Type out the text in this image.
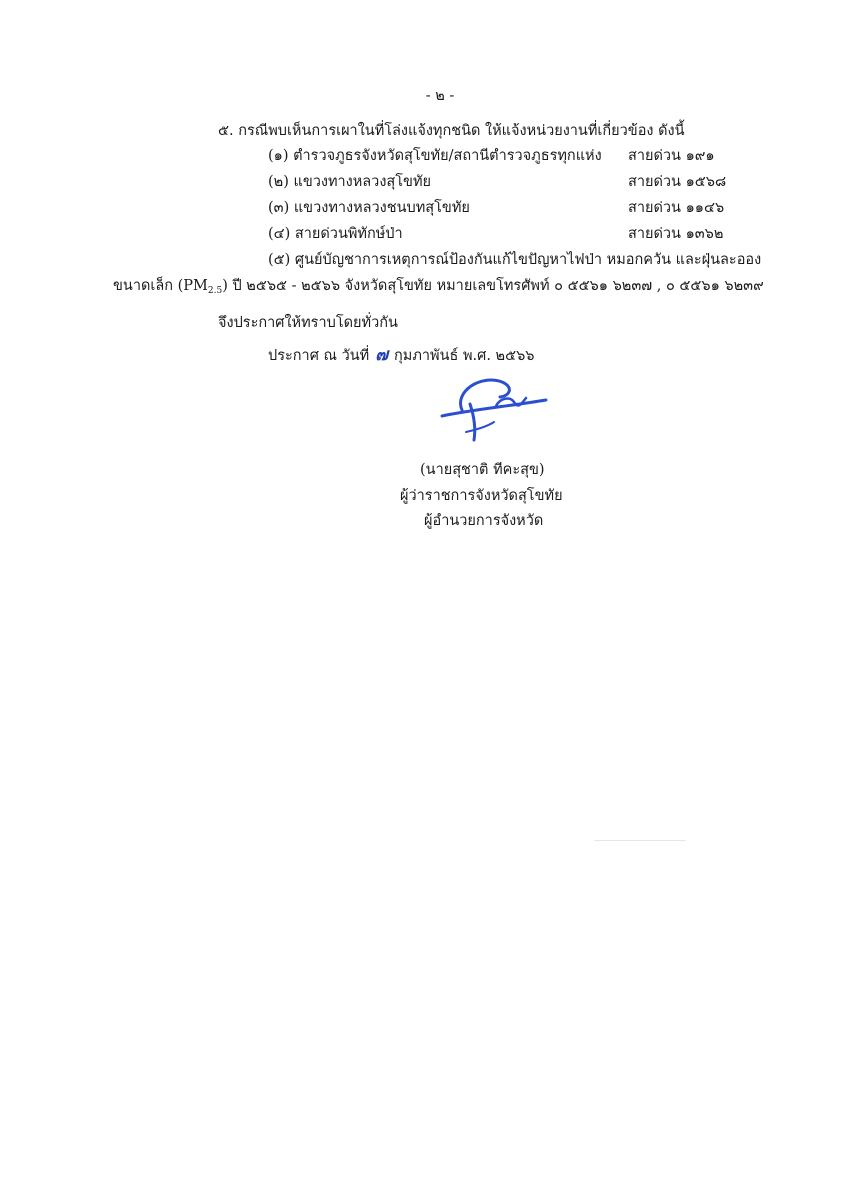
- ๒ -
๕. กรณีพบเห็นการเผาในที่โล่งแจ้งทุกชนิด ให้แจ้งหน่วยงานที่เกี่ยวข้อง ดังนี้
(๑) ตำรวจภูธรจังหวัดสุโขทัย/สถานีตำรวจภูธรทุกแห่ง สายด่วน ๑๙๑
(๒) แขวงทางหลวงสุโขทัย	สายด่วน ๑๕๖๘
(๓) แขวงทางหลวงชนบทสุโขทัย	สายด่วน ๑๑๔๖
(๔) สายด่วนพิทักษ์ป่า	สายด่วน ๑๓๖๒
(๕) ศูนย์บัญชาการเหตุการณ์ป้องกันแก้ไขปัญหาไฟป่า หมอกควัน และฝุ่นละออง
ขนาดเล็ก $(PM_{2.5})$ ปี ๒๕๖๕ - ๒๕๖๖ จังหวัดสุโขทัย หมายเลขโทรศัพท์ ๐ ๕๕๖๑ ๖๒๓๗ , ๐ ๕๕๖๑ ๖๒๓๙
จึงประกาศให้ทราบโดยทั่วกัน
ประกาศ ณ วันที่ ๗ กุมภาพันธ์ พ.ศ. ๒๕๖๖
(นายสุชาติ ทีคะสุข)
ผู้ว่าราชการจังหวัดสุโขทัย
ผู้อำนวยการจังหวัด
